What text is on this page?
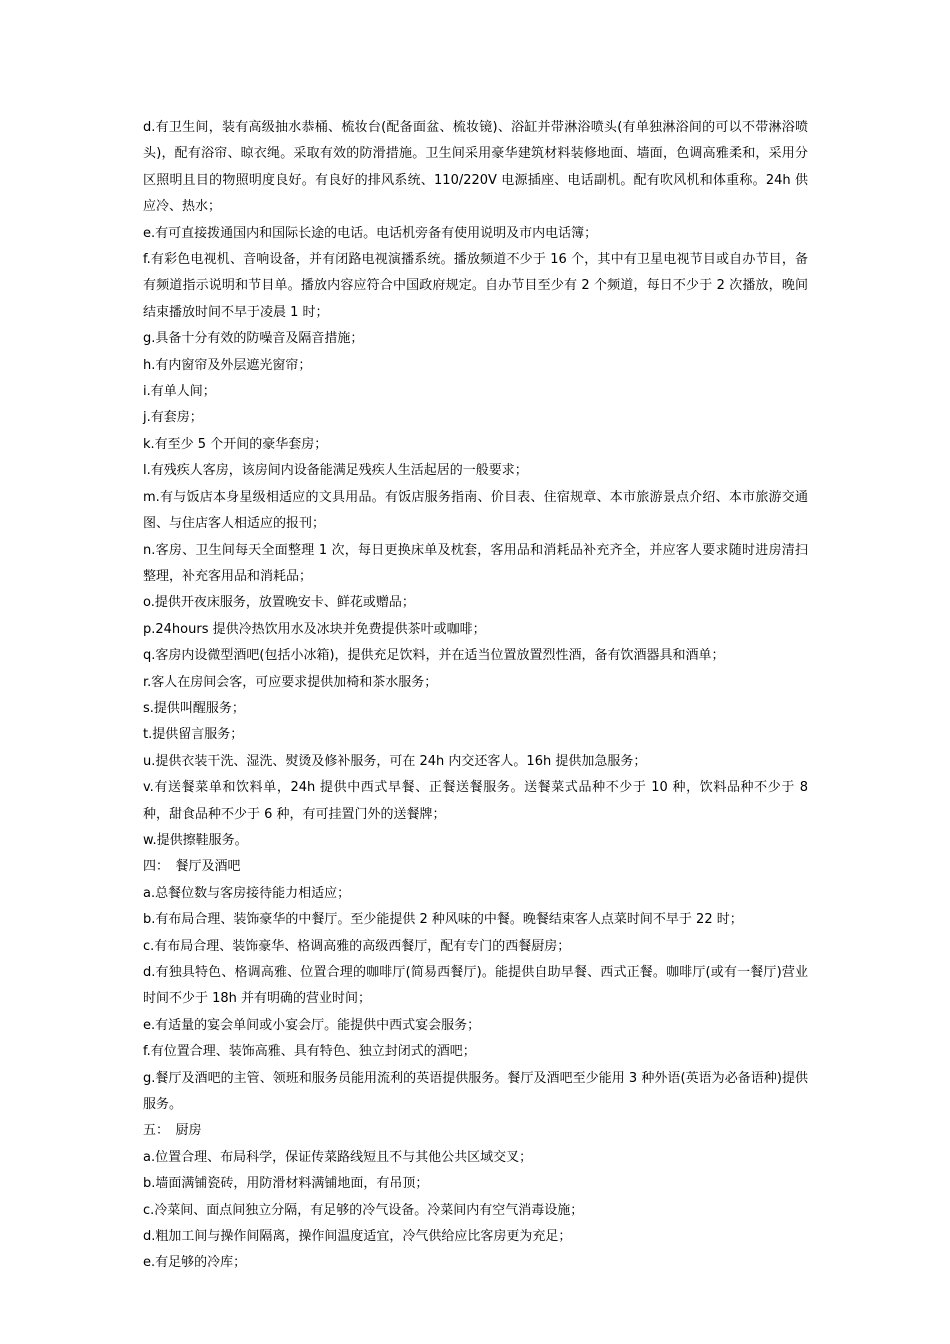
d.有卫生间，装有高级抽水恭桶、梳妆台(配备面盆、梳妆镜)、浴缸并带淋浴喷头(有单独淋浴间的可以不带淋浴喷头)，配有浴帘、晾衣绳。采取有效的防滑措施。卫生间采用豪华建筑材料装修地面、墙面，色调高雅柔和，采用分区照明且目的物照明度良好。有良好的排风系统、110/220V 电源插座、电话副机。配有吹风机和体重称。24h 供应冷、热水；

e.有可直接拨通国内和国际长途的电话。电话机旁备有使用说明及市内电话簿；

f.有彩色电视机、音响设备，并有闭路电视演播系统。播放频道不少于 16 个，其中有卫星电视节目或自办节目，备有频道指示说明和节目单。播放内容应符合中国政府规定。自办节目至少有 2 个频道，每日不少于 2 次播放，晚间结束播放时间不早于凌晨 1 时；

g.具备十分有效的防噪音及隔音措施；

h.有内窗帘及外层遮光窗帘；

i.有单人间；

j.有套房；

k.有至少 5 个开间的豪华套房；

l.有残疾人客房，该房间内设备能满足残疾人生活起居的一般要求；

m.有与饭店本身星级相适应的文具用品。有饭店服务指南、价目表、住宿规章、本市旅游景点介绍、本市旅游交通图、与住店客人相适应的报刊；

n.客房、卫生间每天全面整理 1 次，每日更换床单及枕套，客用品和消耗品补充齐全，并应客人要求随时进房清扫整理，补充客用品和消耗品；

o.提供开夜床服务，放置晚安卡、鲜花或赠品；

p.24hours 提供冷热饮用水及冰块并免费提供茶叶或咖啡；

q.客房内设微型酒吧(包括小冰箱)，提供充足饮料，并在适当位置放置烈性酒，备有饮酒器具和酒单；

r.客人在房间会客，可应要求提供加椅和茶水服务；

s.提供叫醒服务；

t.提供留言服务；

u.提供衣装干洗、湿洗、熨烫及修补服务，可在 24h 内交还客人。16h 提供加急服务；

v.有送餐菜单和饮料单，24h 提供中西式早餐、正餐送餐服务。送餐菜式品种不少于 10 种，饮料品种不少于 8 种，甜食品种不少于 6 种，有可挂置门外的送餐牌；

w.提供擦鞋服务。

四：　餐厅及酒吧

a.总餐位数与客房接待能力相适应；

b.有布局合理、装饰豪华的中餐厅。至少能提供 2 种风味的中餐。晚餐结束客人点菜时间不早于 22 时；

c.有布局合理、装饰豪华、格调高雅的高级西餐厅，配有专门的西餐厨房；

d.有独具特色、格调高雅、位置合理的咖啡厅(简易西餐厅)。能提供自助早餐、西式正餐。咖啡厅(或有一餐厅)营业时间不少于 18h 并有明确的营业时间；

e.有适量的宴会单间或小宴会厅。能提供中西式宴会服务；

f.有位置合理、装饰高雅、具有特色、独立封闭式的酒吧；

g.餐厅及酒吧的主管、领班和服务员能用流利的英语提供服务。餐厅及酒吧至少能用 3 种外语(英语为必备语种)提供服务。

五：　厨房

a.位置合理、布局科学，保证传菜路线短且不与其他公共区域交叉；

b.墙面满铺瓷砖，用防滑材料满铺地面，有吊顶；

c.冷菜间、面点间独立分隔，有足够的冷气设备。冷菜间内有空气消毒设施；

d.粗加工间与操作间隔离，操作间温度适宜，冷气供给应比客房更为充足；

e.有足够的冷库；
